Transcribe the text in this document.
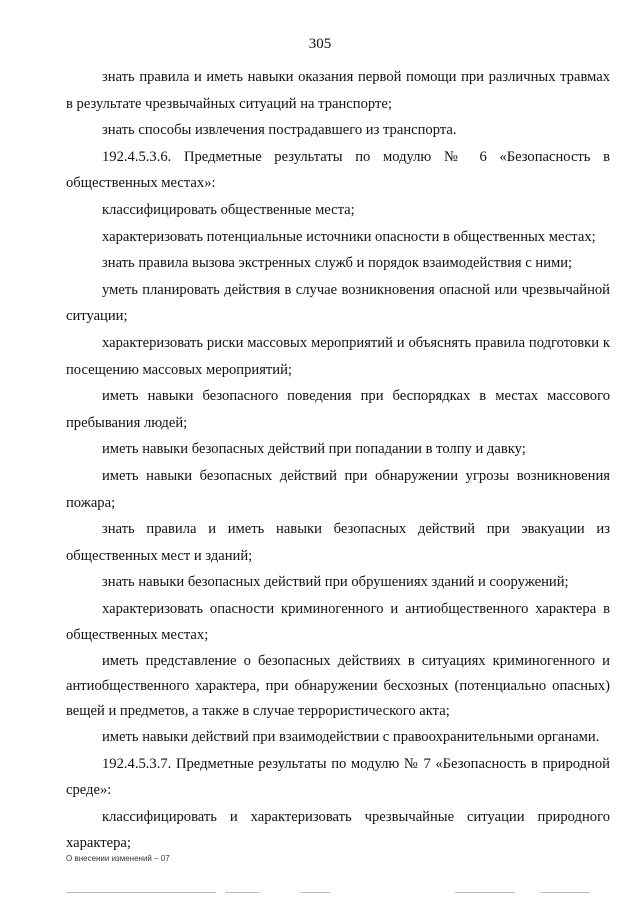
305

знать правила и иметь навыки оказания первой помощи при различных травмах в результате чрезвычайных ситуаций на транспорте;

знать способы извлечения пострадавшего из транспорта.

192.4.5.3.6. Предметные результаты по модулю № 6 «Безопасность в общественных местах»:

классифицировать общественные места;

характеризовать потенциальные источники опасности в общественных местах;

знать правила вызова экстренных служб и порядок взаимодействия с ними;

уметь планировать действия в случае возникновения опасной или чрезвычайной ситуации;

характеризовать риски массовых мероприятий и объяснять правила подготовки к посещению массовых мероприятий;

иметь навыки безопасного поведения при беспорядках в местах массового пребывания людей;

иметь навыки безопасных действий при попадании в толпу и давку;

иметь навыки безопасных действий при обнаружении угрозы возникновения пожара;

знать правила и иметь навыки безопасных действий при эвакуации из общественных мест и зданий;

знать навыки безопасных действий при обрушениях зданий и сооружений;

характеризовать опасности криминогенного и антиобщественного характера в общественных местах;

иметь представление о безопасных действиях в ситуациях криминогенного и антиобщественного характера, при обнаружении бесхозных (потенциально опасных) вещей и предметов, а также в случае террористического акта;

иметь навыки действий при взаимодействии с правоохранительными органами.

192.4.5.3.7. Предметные результаты по модулю № 7 «Безопасность в природной среде»:

классифицировать и характеризовать чрезвычайные ситуации природного характера;

О внесении изменений – 07
